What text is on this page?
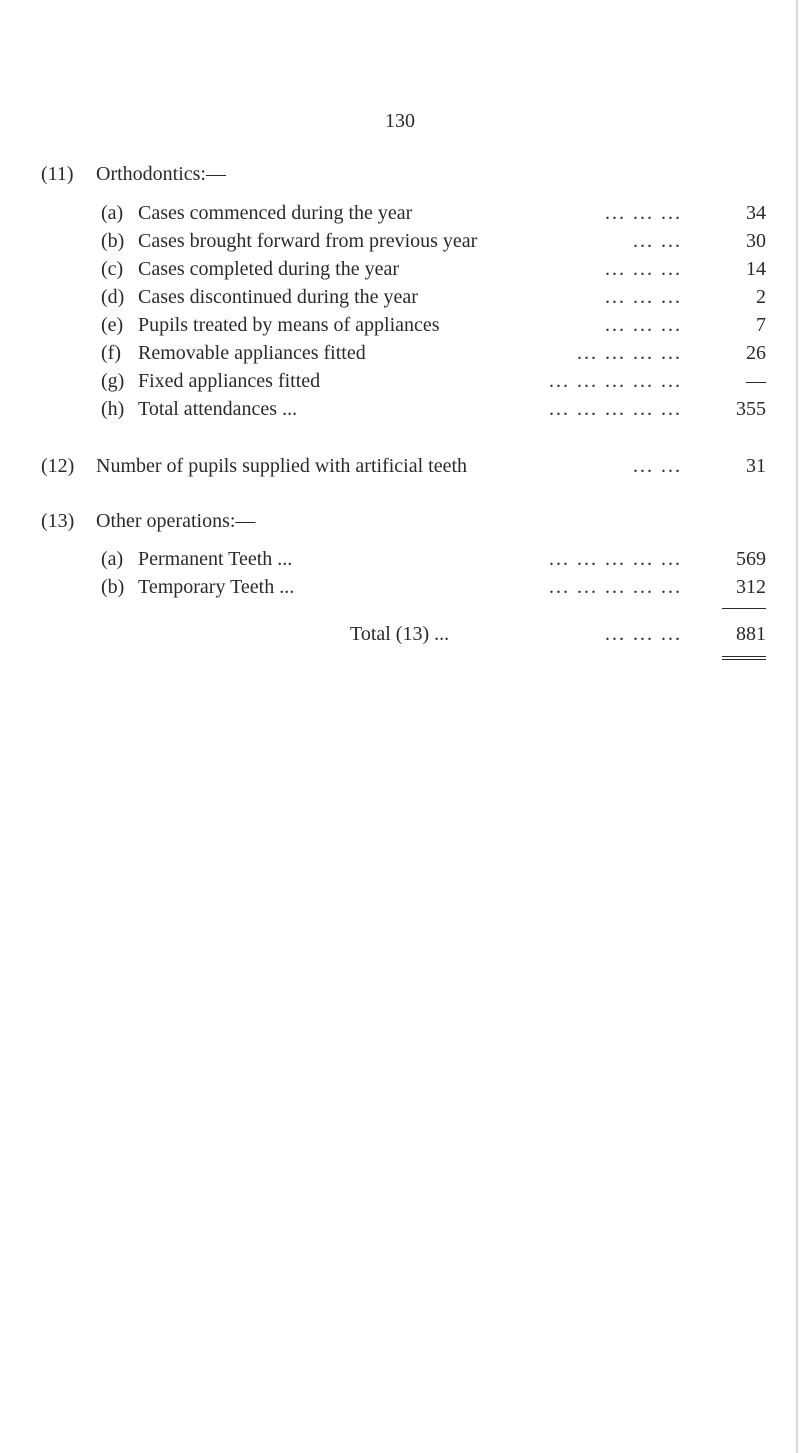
130
(11) Orthodontics:—
(a) Cases commenced during the year	... ... ...	34
(b) Cases brought forward from previous year	... ...	30
(c) Cases completed during the year	... ... ...	14
(d) Cases discontinued during the year	... ... ...	2
(e) Pupils treated by means of appliances	... ... ...	7
(f) Removable appliances fitted	... ... ... ...	26
(g) Fixed appliances fitted	... ... ... ... ...	—
(h) Total attendances ...	... ... ... ... ...	355
(12) Number of pupils supplied with artificial teeth	... ...	31
(13) Other operations:—
(a) Permanent Teeth ...	... ... ... ... ...	569
(b) Temporary Teeth ...	... ... ... ... ...	312
Total (13) ...	... ... ...	881
